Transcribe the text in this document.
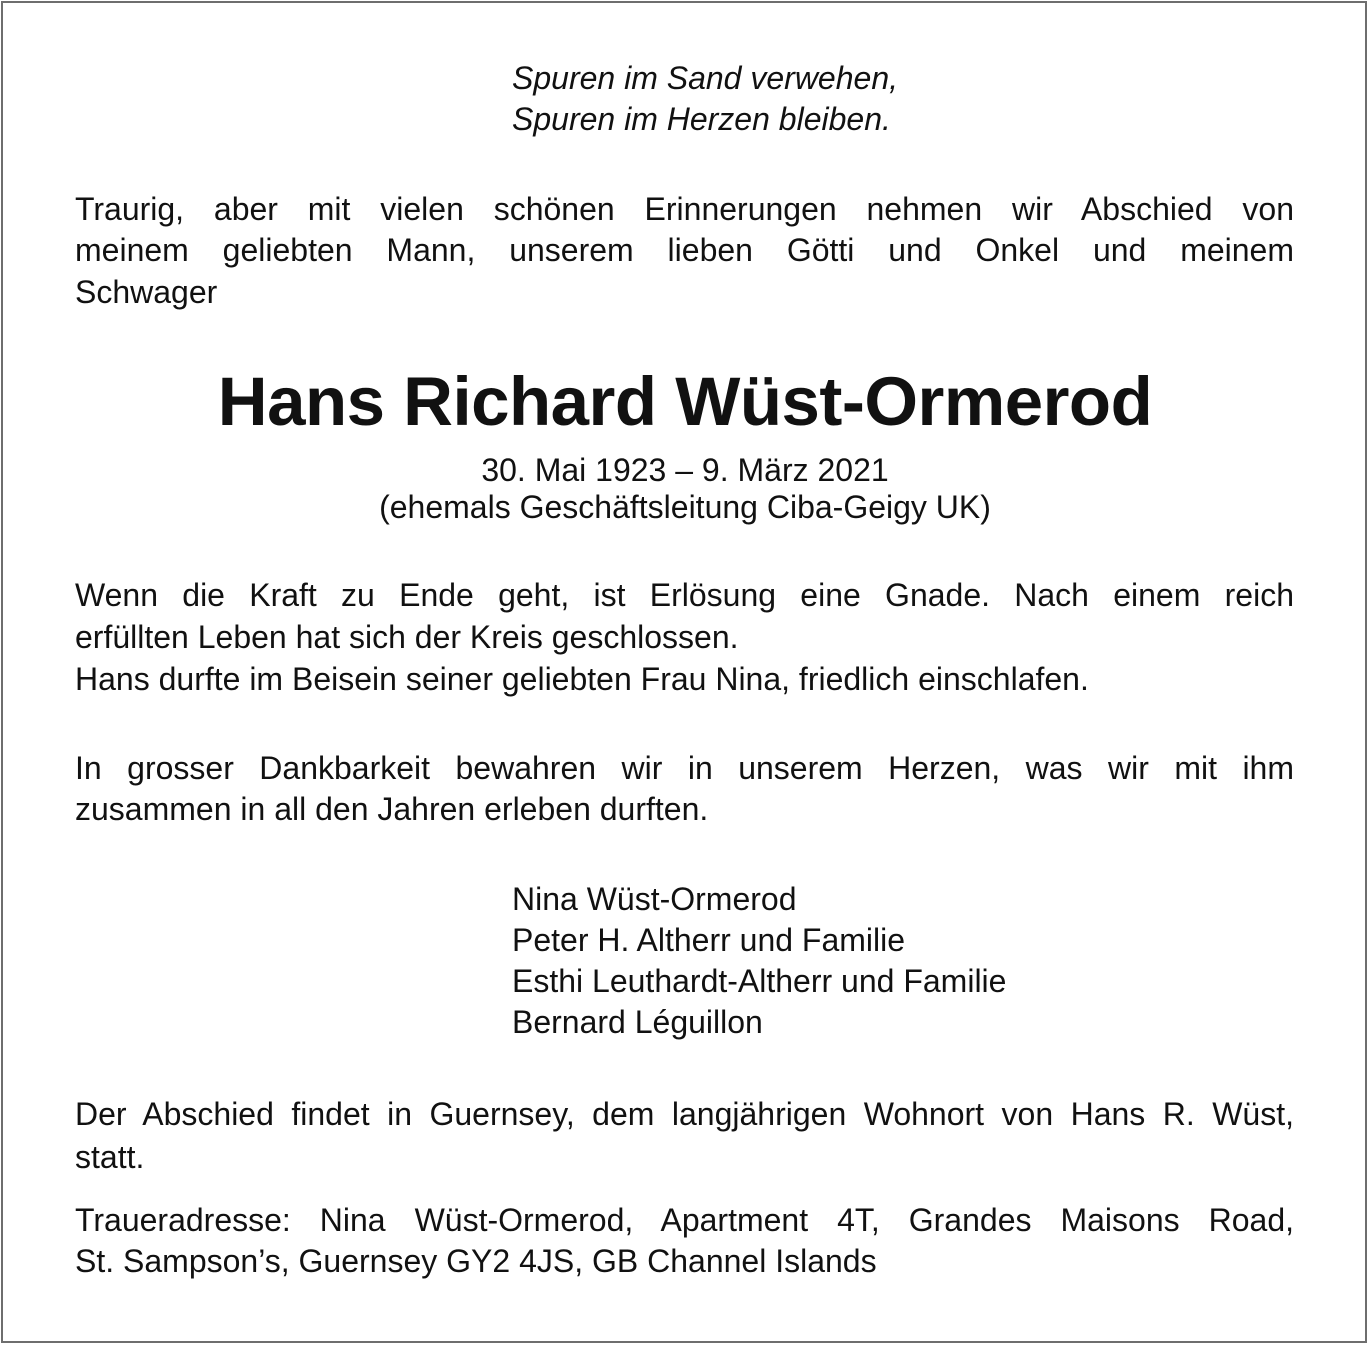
Spuren im Sand verwehen,
Spuren im Herzen bleiben.
Traurig, aber mit vielen schönen Erinnerungen nehmen wir Abschied von
meinem geliebten Mann, unserem lieben Götti und Onkel und meinem
Schwager
Hans Richard Wüst-Ormerod
30. Mai 1923 – 9. März 2021
(ehemals Geschäftsleitung Ciba-Geigy UK)
Wenn die Kraft zu Ende geht, ist Erlösung eine Gnade. Nach einem reich
erfüllten Leben hat sich der Kreis geschlossen.
Hans durfte im Beisein seiner geliebten Frau Nina, friedlich einschlafen.
In grosser Dankbarkeit bewahren wir in unserem Herzen, was wir mit ihm
zusammen in all den Jahren erleben durften.
Nina Wüst-Ormerod
Peter H. Altherr und Familie
Esthi Leuthardt-Altherr und Familie
Bernard Léguillon
Der Abschied findet in Guernsey, dem langjährigen Wohnort von Hans R. Wüst,
statt.
Traueradresse: Nina Wüst-Ormerod, Apartment 4T, Grandes Maisons Road,
St. Sampson’s, Guernsey GY2 4JS, GB Channel Islands
